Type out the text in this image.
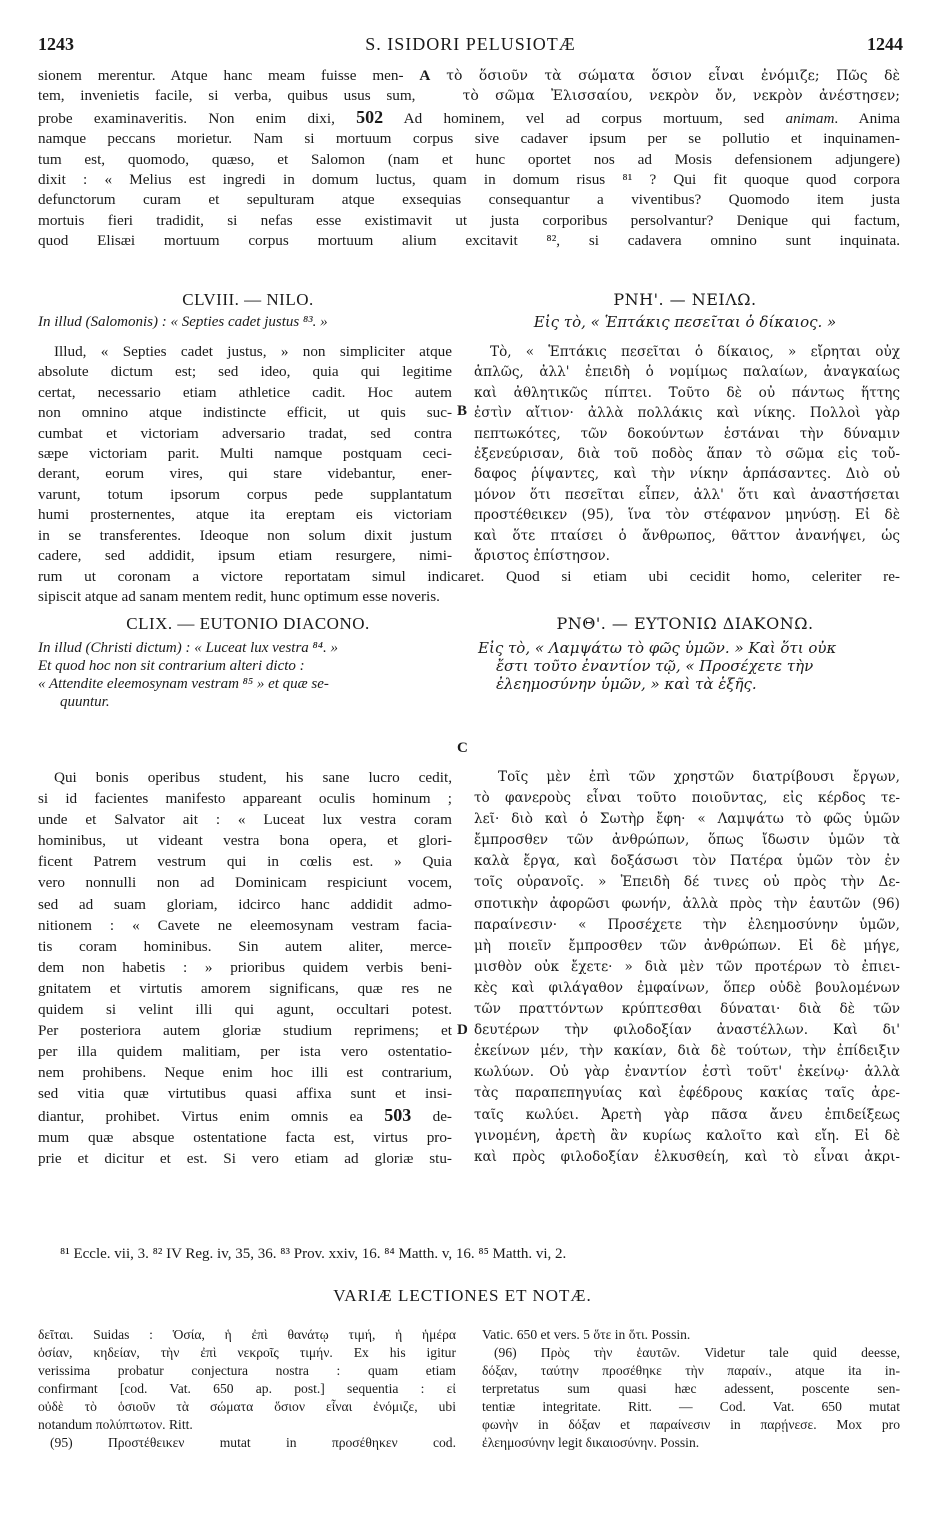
1243	S. ISIDORI PELUSIOTÆ	1244
sionem merentur. Atque hanc meam fuisse men- A τὸ ὅσιοῦν τὰ σώματα ὅσιον εἶναι ἐνόμιζε; Πῶς δὲ
tem, invenietis facile, si verba, quibus usus sum,   τὸ σῶμα Ἐλισσαίου, νεκρὸν ὄν, νεκρὸν ἀνέστησεν;
probe examinaveritis. Non enim dixi, 502 Ad hominem, vel ad corpus mortuum, sed animam. Anima
namque peccans morietur. Nam si mortuum corpus sive cadaver ipsum per se pollutio et inquinamen-
tum est, quomodo, quæso, et Salomon (nam et hunc oportet nos ad Mosis defensionem adjungere)
dixit : « Melius est ingredi in domum luctus, quam in domum risus ⁸¹ ? Qui fit quoque quod corpora
defunctorum curam et sepulturam atque exsequias consequantur a viventibus? Quomodo item justa
mortuis fieri tradidit, si nefas esse existimavit ut justa corporibus persolvantur? Denique qui factum,
quod Elisæi mortuum corpus mortuum alium excitavit ⁸², si cadavera omnino sunt inquinata.
CLVIII. — NILO.	ΡΝΗ'. — ΝΕΙΛΩ.
In illud (Salomonis) : « Septies cadet justus ⁸³. »	Εἰς τὸ, « Ἑπτάκις πεσεῖται ὁ δίκαιος. »
Illud, « Septies cadet justus, » non simpliciter atque
absolute dictum est; sed ideo, quia qui legitime
certat, necessario etiam athletice cadit. Hoc autem
non omnino atque indistincte efficit, ut quis suc-
cumbat et victoriam adversario tradat, sed contra
sæpe victoriam parit. Multi namque postquam ceci-
derant, eorum vires, qui stare videbantur, ener-
varunt, totum ipsorum corpus pede supplantatum
humi prosternentes, atque ita ereptam eis victoriam
in se transferentes. Ideoque non solum dixit justum
cadere, sed addidit, ipsum etiam resurgere, nimi-
B
Τὸ, « Ἑπτάκις πεσεῖται ὁ δίκαιος, » εἴρηται οὐχ
ἁπλῶς, ἀλλ' ἐπειδὴ ὁ νομίμως παλαίων, ἀναγκαίως
καὶ ἀθλητικῶς πίπτει. Τοῦτο δὲ οὐ πάντως ἥττης
ἐστὶν αἴτιον· ἀλλὰ πολλάκις καὶ νίκης. Πολλοὶ γὰρ
πεπτωκότες, τῶν δοκούντων ἑστάναι τὴν δύναμιν
ἐξενεύρισαν, διὰ τοῦ ποδὸς ἅπαν τὸ σῶμα εἰς τοὔ-
δαφος ῥίψαντες, καὶ τὴν νίκην ἁρπάσαντες. Διὸ οὐ
μόνον ὅτι πεσεῖται εἶπεν, ἀλλ' ὅτι καὶ ἀναστήσεται
προστέθεικεν (95), ἵνα τὸν στέφανον μηνύσῃ. Εἰ δὲ
καὶ ὅτε πταίσει ὁ ἄνθρωπος, θᾶττον ἀνανήψει, ὡς
ἄριστος ἐπίστησον.
rum ut coronam a victore reportatam simul indicaret. Quod si etiam ubi cecidit homo, celeriter re-
sipiscit atque ad sanam mentem redit, hunc optimum esse noveris.
CLIX. — EUTONIO DIACONO.	ΡΝΘ'. — ΕΥΤΟΝΙΩ ΔΙΑΚΟΝΩ.
In illud (Christi dictum) : « Luceat lux vestra ⁸⁴. »
Et quod hoc non sit contrarium alteri dicto :
« Attendite eleemosynam vestram ⁸⁵ » et quæ se-
quuntur.
Εἰς τὸ, « Λαμψάτω τὸ φῶς ὑμῶν. » Καὶ ὅτι οὐκ
ἔστι τοῦτο ἐναντίον τῷ, « Προσέχετε τὴν
ἐλεημοσύνην ὑμῶν, » καὶ τὰ ἑξῆς.
C
Qui bonis operibus student, his sane lucro cedit,
si id facientes manifesto appareant oculis hominum ;
unde et Salvator ait : « Luceat lux vestra coram
hominibus, ut videant vestra bona opera, et glori-
ficent Patrem vestrum qui in cœlis est. » Quia
vero nonnulli non ad Dominicam respiciunt vocem,
sed ad suam gloriam, idcirco hanc addidit admo-
nitionem : « Cavete ne eleemosynam vestram facia-
tis coram hominibus. Sin autem aliter, merce-
dem non habetis : » prioribus quidem verbis beni-
gnitatem et virtutis amorem significans, quæ res ne
quidem si velint illi qui agunt, occultari potest.
Per posteriora autem gloriæ studium reprimens; et
per illa quidem malitiam, per ista vero ostentatio-
nem prohibens. Neque enim hoc illi est contrarium,
sed vitia quæ virtutibus quasi affixa sunt et insi-
diantur, prohibet. Virtus enim omnis ea 503 de-
mum quæ absque ostentatione facta est, virtus pro-
prie et dicitur et est. Si vero etiam ad gloriæ stu-
D
Τοῖς μὲν ἐπὶ τῶν χρηστῶν διατρίβουσι ἔργων,
τὸ φανεροὺς εἶναι τοῦτο ποιοῦντας, εἰς κέρδος τε-
λεῖ· διὸ καὶ ὁ Σωτὴρ ἔφη· « Λαμψάτω τὸ φῶς ὑμῶν
ἔμπροσθεν τῶν ἀνθρώπων, ὅπως ἴδωσιν ὑμῶν τὰ
καλὰ ἔργα, καὶ δοξάσωσι τὸν Πατέρα ὑμῶν τὸν ἐν
τοῖς οὐρανοῖς. » Ἐπειδὴ δέ τινες οὐ πρὸς τὴν Δε-
σποτικὴν ἀφορῶσι φωνήν, ἀλλὰ πρὸς τὴν ἑαυτῶν (96)
παραίνεσιν· « Προσέχετε τὴν ἐλεημοσύνην ὑμῶν,
μὴ ποιεῖν ἔμπροσθεν τῶν ἀνθρώπων. Εἰ δὲ μήγε,
μισθὸν οὐκ ἔχετε· » διὰ μὲν τῶν προτέρων τὸ ἐπιει-
κὲς καὶ φιλάγαθον ἐμφαίνων, ὅπερ οὐδὲ βουλομένων
τῶν πραττόντων κρύπτεσθαι δύναται· διὰ δὲ τῶν
δευτέρων τὴν φιλοδοξίαν ἀναστέλλων. Καὶ δι'
ἐκείνων μέν, τὴν κακίαν, διὰ δὲ τούτων, τὴν ἐπίδειξιν
κωλύων. Οὐ γὰρ ἐναντίον ἐστὶ τοῦτ' ἐκείνῳ· ἀλλὰ
τὰς παραπεπηγυίας καὶ ἐφέδρους κακίας ταῖς ἀρε-
ταῖς κωλύει. Ἀρετὴ γὰρ πᾶσα ἄνευ ἐπιδείξεως
γινομένη, ἀρετὴ ἂν κυρίως καλοῖτο καὶ εἴη. Εἰ δὲ
καὶ πρὸς φιλοδοξίαν ἑλκυσθείη, καὶ τὸ εἶναι ἀκρι-
⁸¹ Eccle. vii, 3. ⁸² IV Reg. iv, 35, 36. ⁸³ Prov. xxiv, 16. ⁸⁴ Matth. v, 16. ⁸⁵ Matth. vi, 2.
VARIÆ LECTIONES ET NOTÆ.
δεῖται. Suidas : Ὁσία, ἡ ἐπὶ θανάτῳ τιμή, ἡ ἡμέρα
ὁσίαν, κηδείαν, τὴν ἐπὶ νεκροῖς τιμήν. Ex his igitur
verissima probatur conjectura nostra : quam etiam
confirmant [cod. Vat. 650 ap. post.] sequentia : εἰ
οὐδὲ τὸ ὁσιοῦν τὰ σώματα ὅσιον εἶναι ἐνόμιζε, ubi
notandum πολύπτωτον. Ritt.
(95) Προστέθεικεν mutat in προσέθηκεν cod.
Vatic. 650 et vers. 5 ὅτε in ὅτι. Possin.
(96) Πρὸς τὴν ἑαυτῶν. Videtur tale quid deesse,
δόξαν, ταύτην προσέθηκε τὴν παραίν., atque ita in-
terpretatus sum quasi hæc adessent, poscente sen-
tentiæ integritate. Ritt. — Cod. Vat. 650 mutat
φωνὴν in δόξαν et παραίνεσιν in παρῄνεσε. Mox pro
ἐλεημοσύνην legit δικαιοσύνην. Possin.
